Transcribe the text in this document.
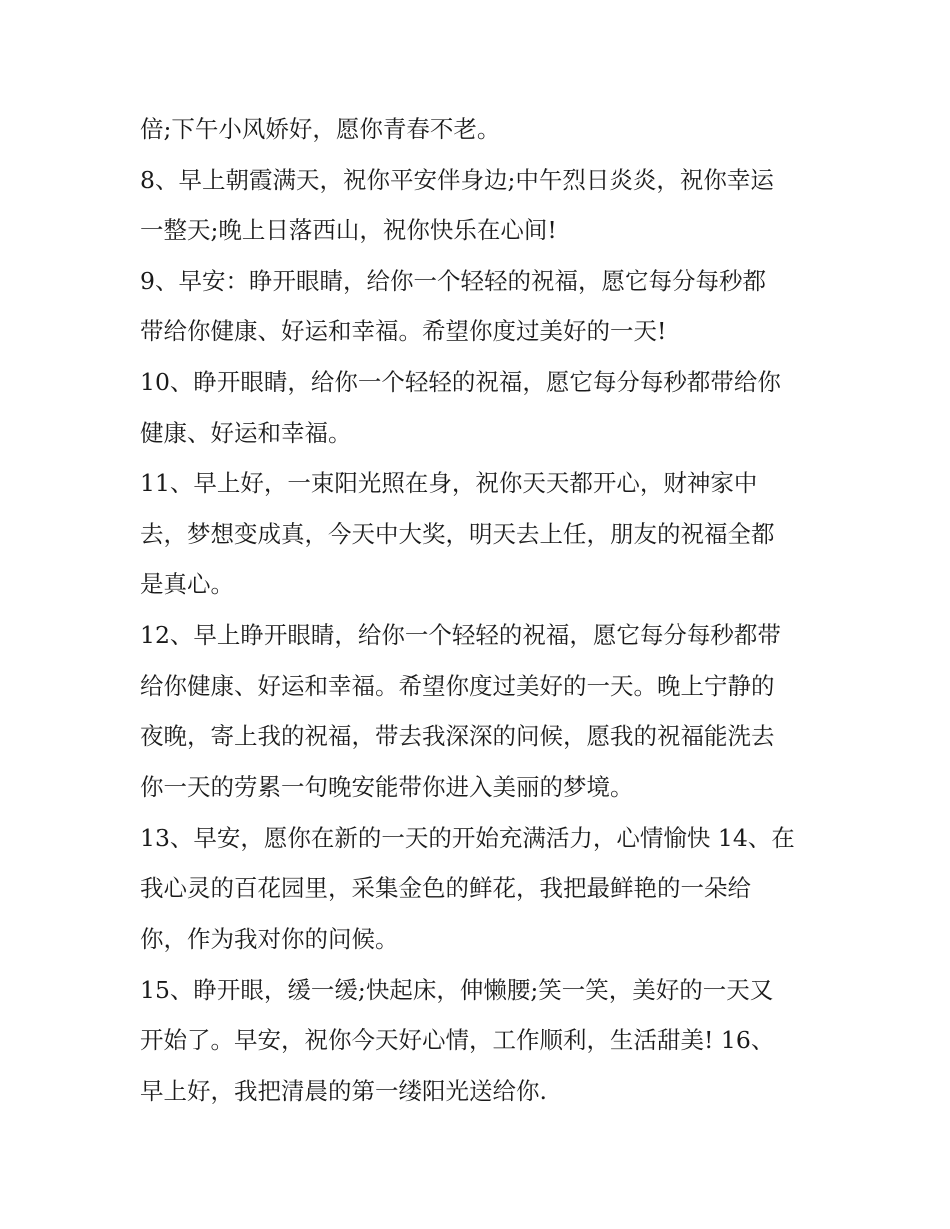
倍;下午小风娇好，愿你青春不老。
8、早上朝霞满天，祝你平安伴身边;中午烈日炎炎，祝你幸运
一整天;晚上日落西山，祝你快乐在心间!
9、早安：睁开眼睛，给你一个轻轻的祝福，愿它每分每秒都
带给你健康、好运和幸福。希望你度过美好的一天!
10、睁开眼睛，给你一个轻轻的祝福，愿它每分每秒都带给你
健康、好运和幸福。
11、早上好，一束阳光照在身，祝你天天都开心，财神家中
去，梦想变成真，今天中大奖，明天去上任，朋友的祝福全都
是真心。
12、早上睁开眼睛，给你一个轻轻的祝福，愿它每分每秒都带
给你健康、好运和幸福。希望你度过美好的一天。晚上宁静的
夜晚，寄上我的祝福，带去我深深的问候，愿我的祝福能洗去
你一天的劳累一句晚安能带你进入美丽的梦境。
13、早安，愿你在新的一天的开始充满活力，心情愉快 14、在
我心灵的百花园里，采集金色的鲜花，我把最鲜艳的一朵给
你，作为我对你的问候。
15、睁开眼，缓一缓;快起床，伸懒腰;笑一笑，美好的一天又
开始了。早安，祝你今天好心情，工作顺利，生活甜美! 16、
早上好，我把清晨的第一缕阳光送给你.
